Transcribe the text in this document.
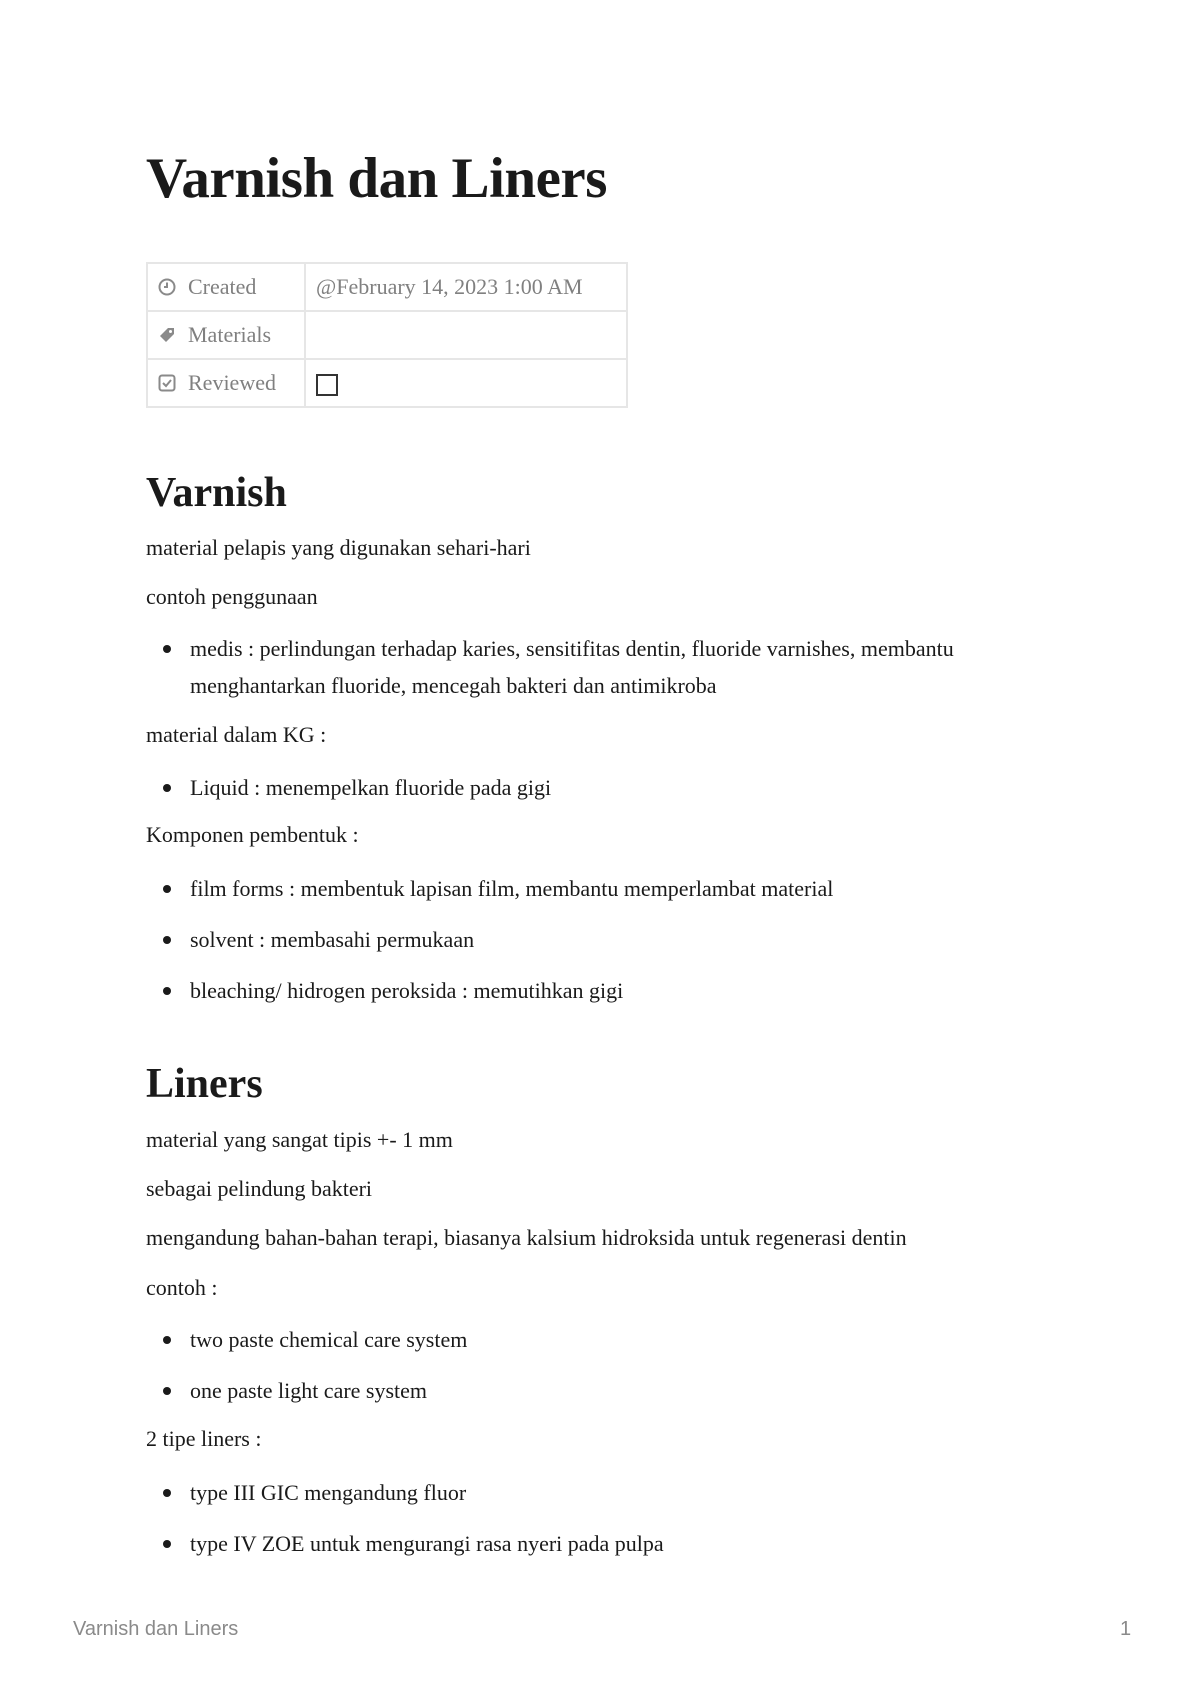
Varnish dan Liners
Created	@February 14, 2023 1:00 AM
Materials	
Reviewed	
Varnish

material pelapis yang digunakan sehari-hari

contoh penggunaan

medis : perlindungan terhadap karies, sensitifitas dentin, fluoride varnishes, membantu menghantarkan fluoride, mencegah bakteri dan antimikroba

material dalam KG :

Liquid : menempelkan fluoride pada gigi

Komponen pembentuk :

film forms : membentuk lapisan film, membantu memperlambat material
solvent : membasahi permukaan
bleaching/ hidrogen peroksida : memutihkan gigi
Liners

material yang sangat tipis +- 1 mm

sebagai pelindung bakteri

mengandung bahan-bahan terapi, biasanya kalsium hidroksida untuk regenerasi dentin

contoh :

two paste chemical care system
one paste light care system

2 tipe liners :

type III GIC mengandung fluor
type IV ZOE untuk mengurangi rasa nyeri pada pulpa
Varnish dan Liners	1
